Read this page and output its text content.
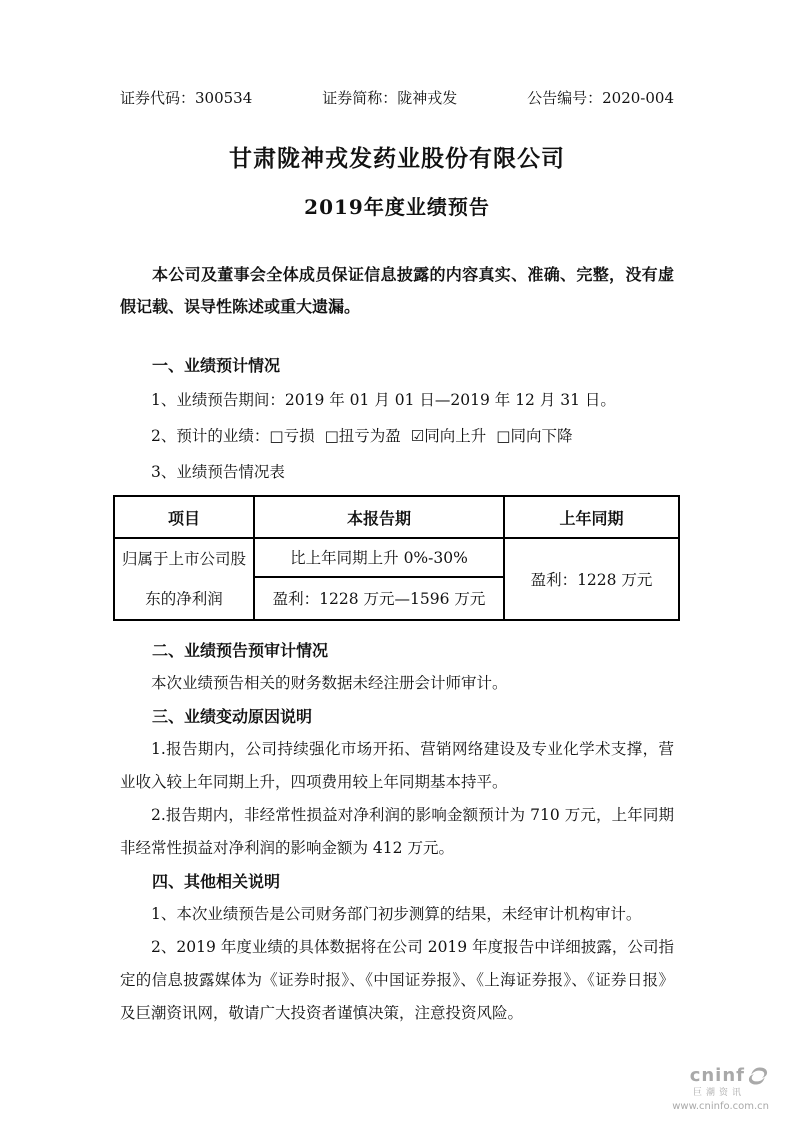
证券代码：300534	证券简称：陇神戎发	公告编号：2020-004
甘肃陇神戎发药业股份有限公司
2019年度业绩预告
本公司及董事会全体成员保证信息披露的内容真实、准确、完整，没有虚假记载、误导性陈述或重大遗漏。
一、业绩预计情况
1、业绩预告期间：2019 年 01 月 01 日—2019 年 12 月 31 日。
2、预计的业绩：□亏损 □扭亏为盈 ☑同向上升 □同向下降
3、业绩预告情况表
项目	本报告期	上年同期
归属于上市公司股东的净利润	比上年同期上升 0%-30%	盈利：1228 万元
	盈利：1228 万元—1596 万元	
二、业绩预告预审计情况
本次业绩预告相关的财务数据未经注册会计师审计。
三、业绩变动原因说明
1.报告期内，公司持续强化市场开拓、营销网络建设及专业化学术支撑，营业收入较上年同期上升，四项费用较上年同期基本持平。
2.报告期内，非经常性损益对净利润的影响金额预计为 710 万元，上年同期非经常性损益对净利润的影响金额为 412 万元。
四、其他相关说明
1、本次业绩预告是公司财务部门初步测算的结果，未经审计机构审计。
2、2019 年度业绩的具体数据将在公司 2019 年度报告中详细披露，公司指定的信息披露媒体为《证券时报》、《中国证券报》、《上海证券报》、《证券日报》及巨潮资讯网，敬请广大投资者谨慎决策，注意投资风险。
cninf
巨潮资讯
www.cninfo.com.cn
